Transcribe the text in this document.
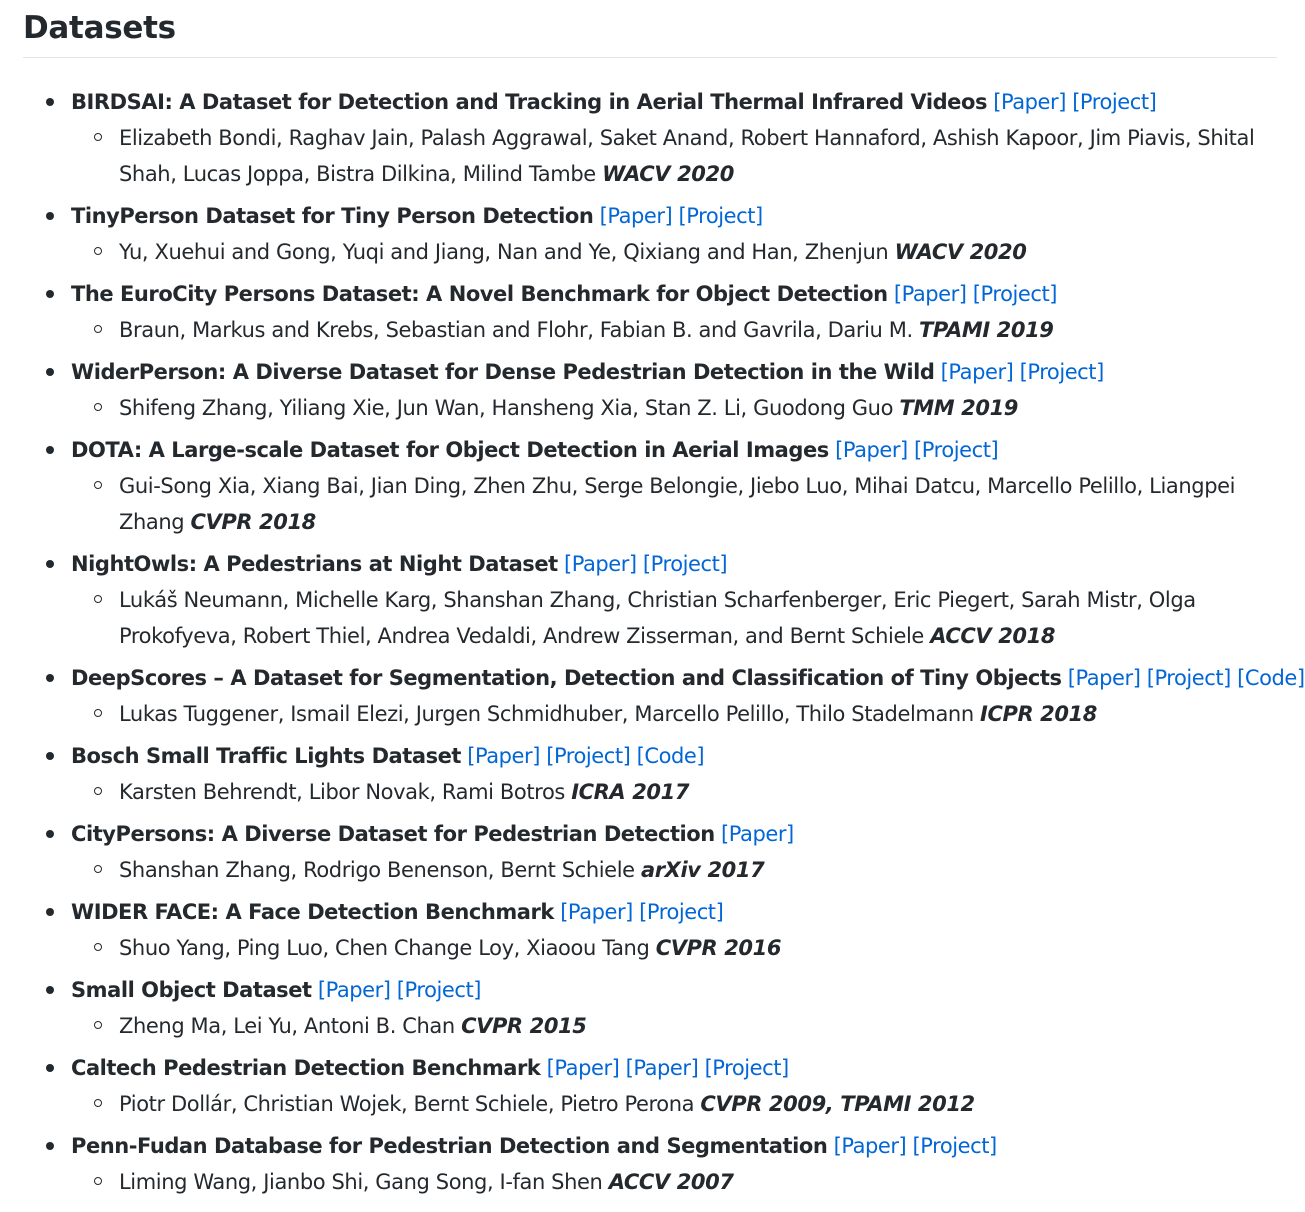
Datasets
BIRDSAI: A Dataset for Detection and Tracking in Aerial Thermal Infrared Videos [Paper] [Project]
Elizabeth Bondi, Raghav Jain, Palash Aggrawal, Saket Anand, Robert Hannaford, Ashish Kapoor, Jim Piavis, Shital Shah, Lucas Joppa, Bistra Dilkina, Milind Tambe WACV 2020
TinyPerson Dataset for Tiny Person Detection [Paper] [Project]
Yu, Xuehui and Gong, Yuqi and Jiang, Nan and Ye, Qixiang and Han, Zhenjun WACV 2020
The EuroCity Persons Dataset: A Novel Benchmark for Object Detection [Paper] [Project]
Braun, Markus and Krebs, Sebastian and Flohr, Fabian B. and Gavrila, Dariu M. TPAMI 2019
WiderPerson: A Diverse Dataset for Dense Pedestrian Detection in the Wild [Paper] [Project]
Shifeng Zhang, Yiliang Xie, Jun Wan, Hansheng Xia, Stan Z. Li, Guodong Guo TMM 2019
DOTA: A Large-scale Dataset for Object Detection in Aerial Images [Paper] [Project]
Gui-Song Xia, Xiang Bai, Jian Ding, Zhen Zhu, Serge Belongie, Jiebo Luo, Mihai Datcu, Marcello Pelillo, Liangpei Zhang CVPR 2018
NightOwls: A Pedestrians at Night Dataset [Paper] [Project]
Lukáš Neumann, Michelle Karg, Shanshan Zhang, Christian Scharfenberger, Eric Piegert, Sarah Mistr, Olga Prokofyeva, Robert Thiel, Andrea Vedaldi, Andrew Zisserman, and Bernt Schiele ACCV 2018
DeepScores – A Dataset for Segmentation, Detection and Classification of Tiny Objects [Paper] [Project] [Code]
Lukas Tuggener, Ismail Elezi, Jurgen Schmidhuber, Marcello Pelillo, Thilo Stadelmann ICPR 2018
Bosch Small Traffic Lights Dataset [Paper] [Project] [Code]
Karsten Behrendt, Libor Novak, Rami Botros ICRA 2017
CityPersons: A Diverse Dataset for Pedestrian Detection [Paper]
Shanshan Zhang, Rodrigo Benenson, Bernt Schiele arXiv 2017
WIDER FACE: A Face Detection Benchmark [Paper] [Project]
Shuo Yang, Ping Luo, Chen Change Loy, Xiaoou Tang CVPR 2016
Small Object Dataset [Paper] [Project]
Zheng Ma, Lei Yu, Antoni B. Chan CVPR 2015
Caltech Pedestrian Detection Benchmark [Paper] [Paper] [Project]
Piotr Dollár, Christian Wojek, Bernt Schiele, Pietro Perona CVPR 2009, TPAMI 2012
Penn-Fudan Database for Pedestrian Detection and Segmentation [Paper] [Project]
Liming Wang, Jianbo Shi, Gang Song, I-fan Shen ACCV 2007
